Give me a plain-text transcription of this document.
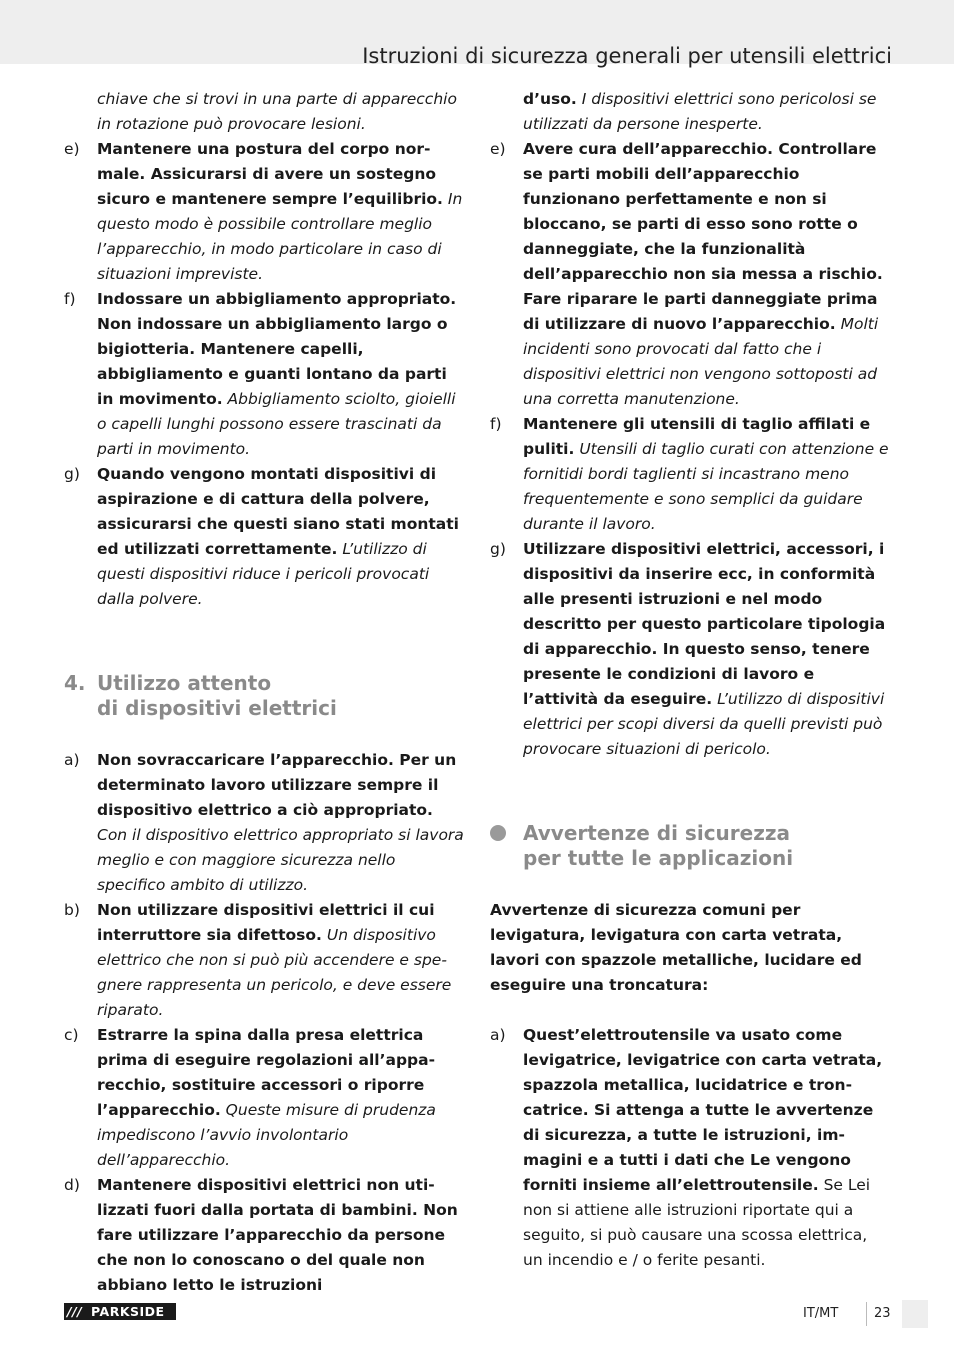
Istruzioni di sicurezza generali per utensili elettrici

chiave che si trovi in una parte di apparecchio in rotazione può provocare lesioni.

e)	Mantenere una postura del corpo normale. Assicurarsi di avere un sostegno sicuro e mantenere sempre l’equilibrio. In questo modo è possibile controllare meglio l’apparecchio, in modo particolare in caso di situazioni impreviste.
f)	Indossare un abbigliamento appropriato. Non indossare un abbigliamento largo o bigiotteria. Mantenere capelli, abbigliamento e guanti lontano da parti in movimento. Abbigliamento sciolto, gioielli o capelli lunghi possono essere trascinati da parti in movimento.
g)	Quando vengono montati dispositivi di aspirazione e di cattura della polvere, assicurarsi che questi siano stati montati ed utilizzati correttamente. L’utilizzo di questi dispositivi riduce i pericoli provocati dalla polvere.
4. Utilizzo attento
di dispositivi elettrici
a)	Non sovraccaricare l’apparecchio. Per un determinato lavoro utilizzare sempre il dispositivo elettrico a ciò appropriato. Con il dispositivo elettrico appropriato si lavora meglio e con maggiore sicurezza nello specifico ambito di utilizzo.
b)	Non utilizzare dispositivi elettrici il cui interruttore sia difettoso. Un dispositivo elettrico che non si può più accendere e spegnere rappresenta un pericolo, e deve essere riparato.
c)	Estrarre la spina dalla presa elettrica prima di eseguire regolazioni all’apparecchio, sostituire accessori o riporre l’apparecchio. Queste misure di prudenza impediscono l’avvio involontario dell’apparecchio.
d)	Mantenere dispositivi elettrici non utilizzati fuori dalla portata di bambini. Non fare utilizzare l’apparecchio da persone che non lo conoscano o del quale non abbiano letto le istruzioni

d’uso. I dispositivi elettrici sono pericolosi se utilizzati da persone inesperte.

e)	Avere cura dell’apparecchio. Controllare se parti mobili dell’apparecchio funzionano perfettamente e non si bloccano, se parti di esso sono rotte o danneggiate, che la funzionalità dell’apparecchio non sia messa a rischio. Fare riparare le parti danneggiate prima di utilizzare di nuovo l’apparecchio. Molti incidenti sono provocati dal fatto che i dispositivi elettrici non vengono sottoposti ad una corretta manutenzione.
f)	Mantenere gli utensili di taglio affilati e puliti. Utensili di taglio curati con attenzione e fornitidi bordi taglienti si incastrano meno frequentemente e sono semplici da guidare durante il lavoro.
g)	Utilizzare dispositivi elettrici, accessori, i dispositivi da inserire ecc, in conformità alle presenti istruzioni e nel modo descritto per questo particolare tipologia di apparecchio. In questo senso, tenere presente le condizioni di lavoro e l’attività da eseguire. L’utilizzo di dispositivi elettrici per scopi diversi da quelli previsti può provocare situazioni di pericolo.
Avvertenze di sicurezza
per tutte le applicazioni

Avvertenze di sicurezza comuni per levigatura, levigatura con carta vetrata, lavori con spazzole metalliche, lucidare ed eseguire una troncatura:

a)	Quest’elettroutensile va usato come levigatrice, levigatrice con carta vetrata, spazzola metallica, lucidatrice e troncatrice. Si attenga a tutte le avvertenze di sicurezza, a tutte le istruzioni, immagini e a tutti i dati che Le vengono forniti insieme all’elettroutensile. Se Lei non si attiene alle istruzioni riportate qui a seguito, si può causare una scossa elettrica, un incendio e / o ferite pesanti.
/// PARKSIDE	IT/MT	23
